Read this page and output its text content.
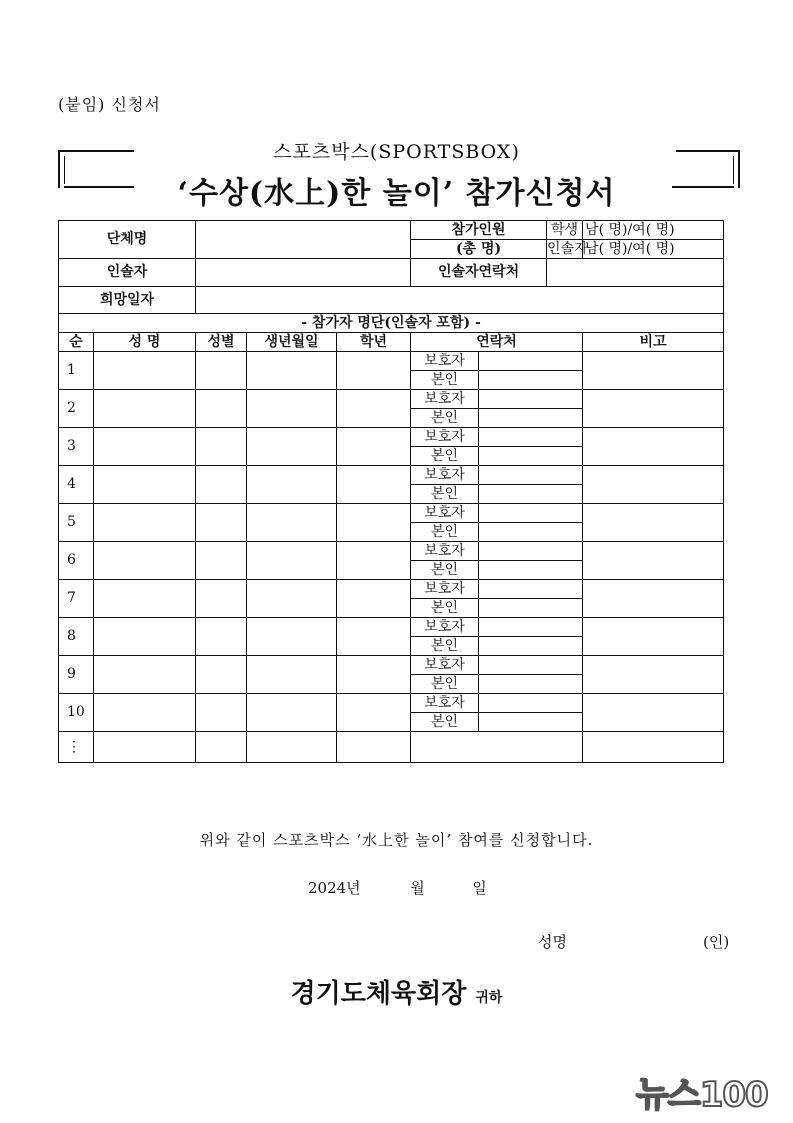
(붙임) 신청서
스포츠박스(SPORTSBOX)
‘수상(水上)한 놀이’ 참가신청서
단체명					참가인원		학생	남( 명)/여( 명)
					(총 명)		인솔자	남( 명)/여( 명)
인솔자					인솔자연락처			
희망일자								
- 참가자 명단(인솔자 포함) -								
순	성 명	성별	생년월일	학년	연락처			비고
1					보호자			
					본인			
2					보호자			
					본인			
3					보호자			
					본인			
4					보호자			
					본인			
5					보호자			
					본인			
6					보호자			
					본인			
7					보호자			
					본인			
8					보호자			
					본인			
9					보호자			
					본인			
10					보호자			
					본인			
⋮								
위와 같이 스포츠박스 ‘水上한 놀이’ 참여를 신청합니다.
2024년	월	일
성명	(인)
경기도체육회장 귀하
뉴스100
